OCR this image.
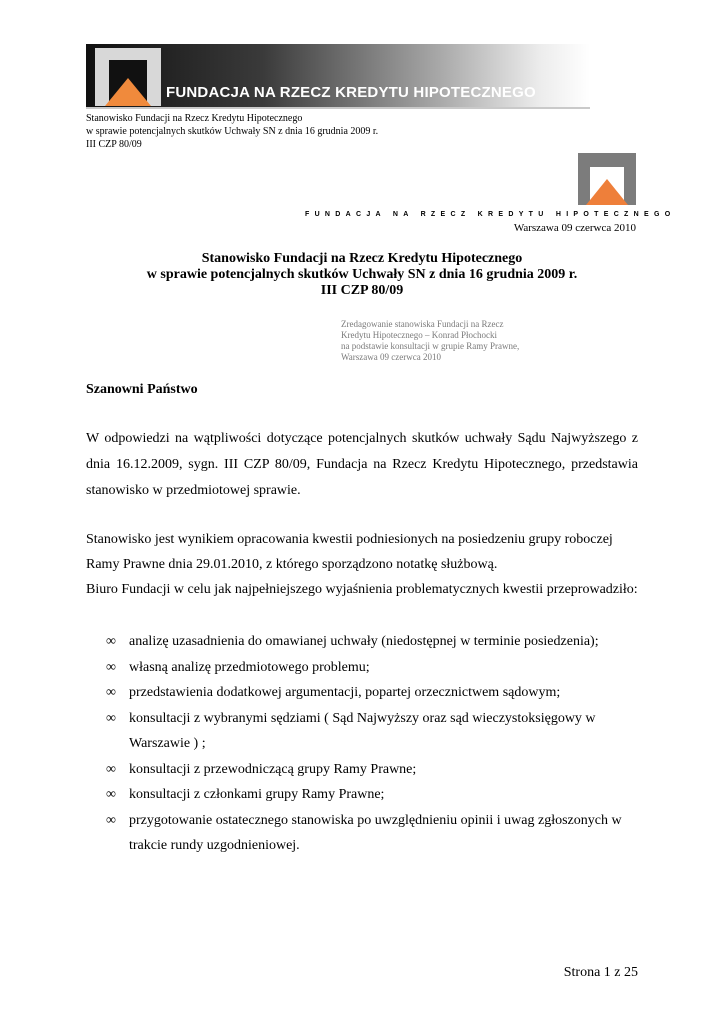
FUNDACJA NA RZECZ KREDYTU HIPOTECZNEGO
Stanowisko Fundacji na Rzecz Kredytu Hipotecznego
w sprawie potencjalnych skutków Uchwały SN z dnia 16 grudnia 2009 r.
III CZP 80/09
FUNDACJA NA RZECZ KREDYTU HIPOTECZNEGO
Warszawa 09 czerwca 2010
Stanowisko Fundacji na Rzecz Kredytu Hipotecznego
w sprawie potencjalnych skutków Uchwały SN z dnia 16 grudnia 2009 r.
III CZP 80/09
Zredagowanie stanowiska Fundacji na Rzecz
Kredytu Hipotecznego – Konrad Płochocki
na podstawie konsultacji w grupie Ramy Prawne,
Warszawa 09 czerwca 2010
Szanowni Państwo
W odpowiedzi na wątpliwości dotyczące potencjalnych skutków uchwały Sądu Najwyższego z dnia 16.12.2009, sygn. III CZP 80/09, Fundacja na Rzecz Kredytu Hipotecznego, przedstawia stanowisko w przedmiotowej sprawie.
Stanowisko jest wynikiem opracowania kwestii podniesionych na posiedzeniu grupy roboczej Ramy Prawne dnia 29.01.2010, z którego sporządzono notatkę służbową.
Biuro Fundacji w celu jak najpełniejszego wyjaśnienia problematycznych kwestii przeprowadziło:
∞ analizę uzasadnienia do omawianej uchwały (niedostępnej w terminie posiedzenia);
∞ własną analizę przedmiotowego problemu;
∞ przedstawienia dodatkowej argumentacji, popartej orzecznictwem sądowym;
∞ konsultacji z wybranymi sędziami ( Sąd Najwyższy oraz sąd wieczystoksięgowy w Warszawie ) ;
∞ konsultacji z przewodniczącą grupy Ramy Prawne;
∞ konsultacji z członkami grupy Ramy Prawne;
∞ przygotowanie ostatecznego stanowiska po uwzględnieniu opinii i uwag zgłoszonych w trakcie rundy uzgodnieniowej.
Strona 1 z 25
